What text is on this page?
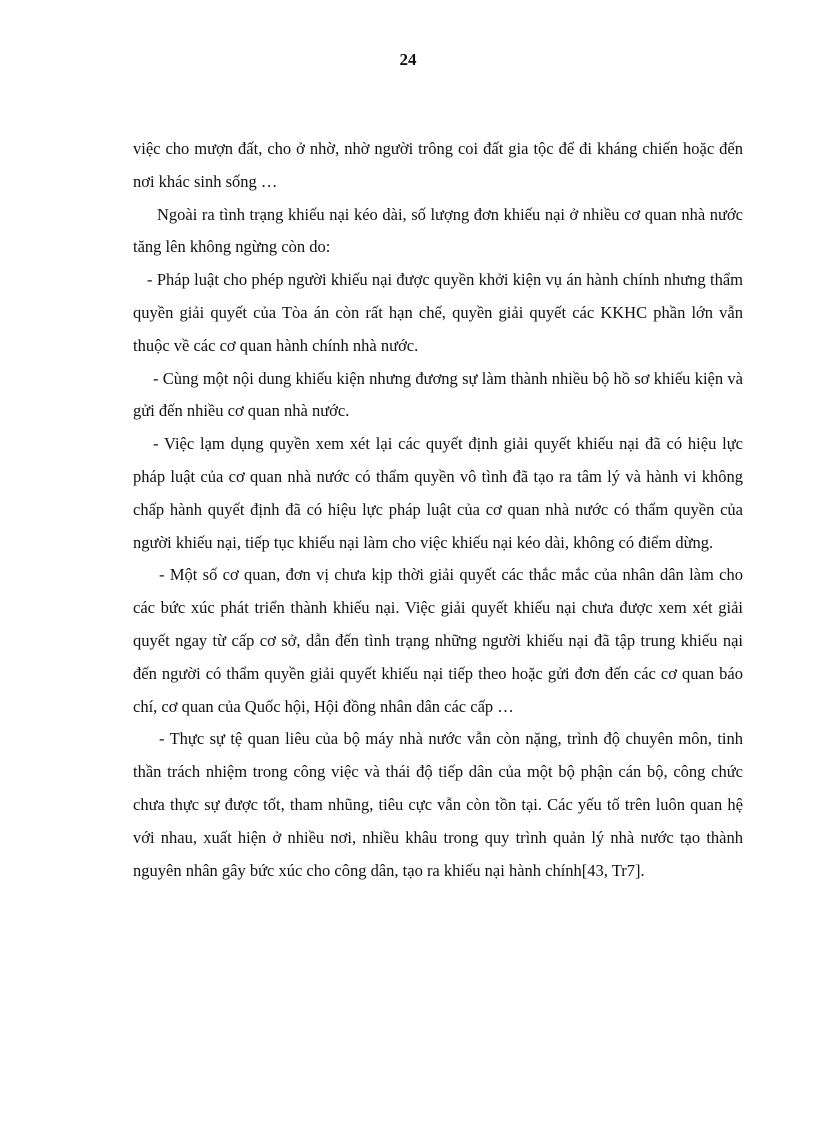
24

việc cho mượn đất, cho ở nhờ, nhờ người trông coi đất gia tộc để đi kháng chiến hoặc đến nơi khác sinh sống …

Ngoài ra tình trạng khiếu nại kéo dài, số lượng đơn khiếu nại ở nhiều cơ quan nhà nước tăng lên không ngừng còn do:

- Pháp luật cho phép người khiếu nại được quyền khởi kiện vụ án hành chính nhưng thẩm quyền giải quyết của Tòa án còn rất hạn chế, quyền giải quyết các KKHC phần lớn vẫn thuộc về các cơ quan hành chính nhà nước.

- Cùng một nội dung khiếu kiện nhưng đương sự làm thành nhiều bộ hồ sơ khiếu kiện và gửi đến nhiều cơ quan nhà nước.

- Việc lạm dụng quyền xem xét lại các quyết định giải quyết khiếu nại đã có hiệu lực pháp luật của cơ quan nhà nước có thẩm quyền vô tình đã tạo ra tâm lý và hành vi không chấp hành quyết định đã có hiệu lực pháp luật của cơ quan nhà nước có thẩm quyền của người khiếu nại, tiếp tục khiếu nại làm cho việc khiếu nại kéo dài, không có điểm dừng.

- Một số cơ quan, đơn vị chưa kịp thời giải quyết các thắc mắc của nhân dân làm cho các bức xúc phát triển thành khiếu nại. Việc giải quyết khiếu nại chưa được xem xét giải quyết ngay từ cấp cơ sở, dẫn đến tình trạng những người khiếu nại đã tập trung khiếu nại đến người có thẩm quyền giải quyết khiếu nại tiếp theo hoặc gửi đơn đến các cơ quan báo chí, cơ quan của Quốc hội, Hội đồng nhân dân các cấp …

- Thực sự tệ quan liêu của bộ máy nhà nước vẫn còn nặng, trình độ chuyên môn, tinh thần trách nhiệm trong công việc và thái độ tiếp dân của một bộ phận cán bộ, công chức chưa thực sự được tốt, tham nhũng, tiêu cực vẫn còn tồn tại. Các yếu tố trên luôn quan hệ với nhau, xuất hiện ở nhiều nơi, nhiều khâu trong quy trình quản lý nhà nước tạo thành nguyên nhân gây bức xúc cho công dân, tạo ra khiếu nại hành chính[43, Tr7].
